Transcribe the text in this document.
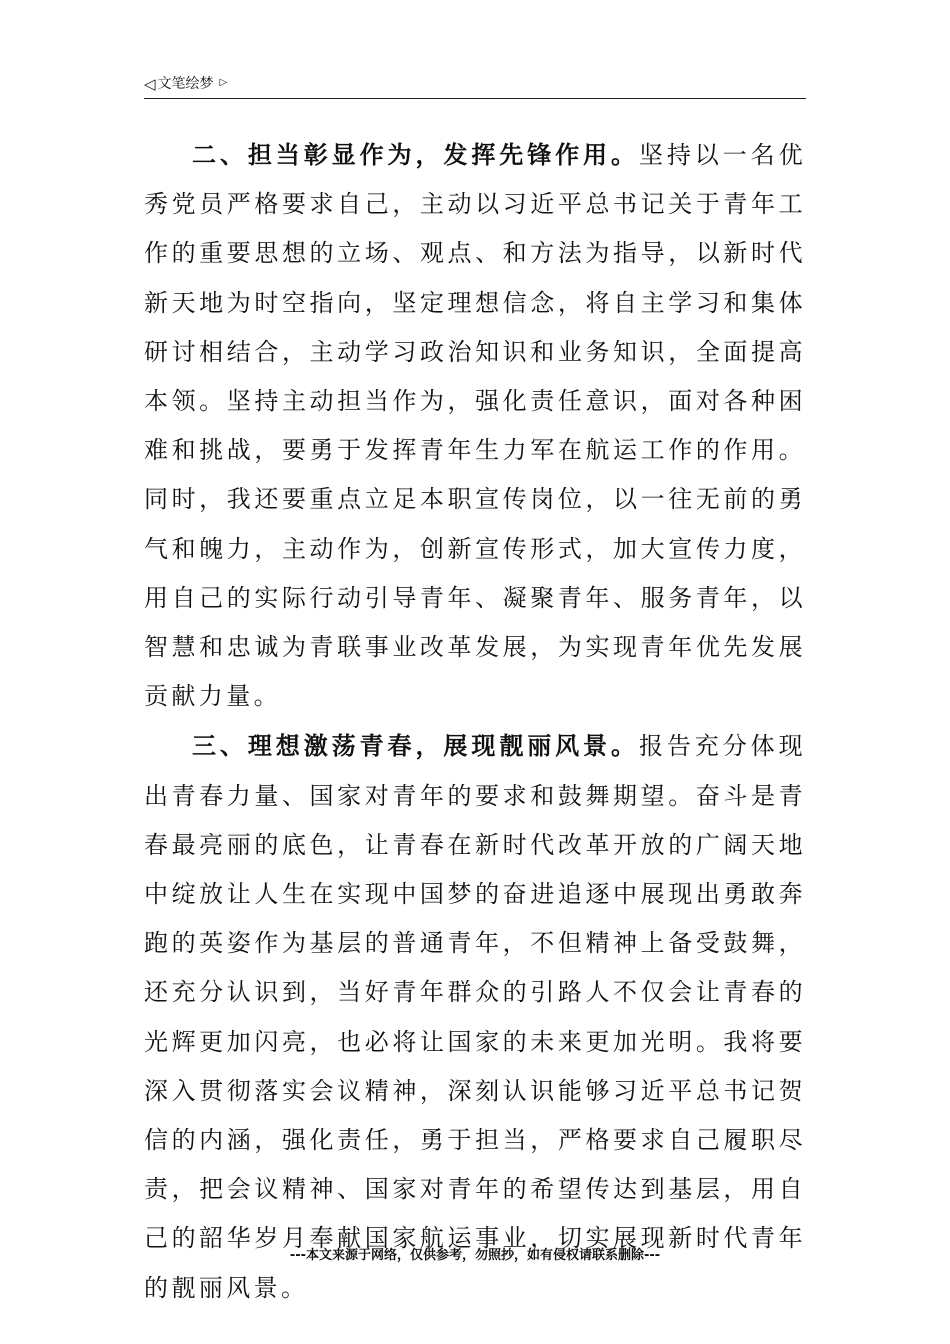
◁ 文笔绘梦 ▷

二、担当彰显作为，发挥先锋作用。坚持以一名优秀党员严格要求自己，主动以习近平总书记关于青年工作的重要思想的立场、观点、和方法为指导，以新时代新天地为时空指向，坚定理想信念，将自主学习和集体研讨相结合，主动学习政治知识和业务知识，全面提高本领。坚持主动担当作为，强化责任意识，面对各种困难和挑战，要勇于发挥青年生力军在航运工作的作用。同时，我还要重点立足本职宣传岗位，以一往无前的勇气和魄力，主动作为，创新宣传形式，加大宣传力度，用自己的实际行动引导青年、凝聚青年、服务青年，以智慧和忠诚为青联事业改革发展，为实现青年优先发展贡献力量。

三、理想激荡青春，展现靓丽风景。报告充分体现出青春力量、国家对青年的要求和鼓舞期望。奋斗是青春最亮丽的底色，让青春在新时代改革开放的广阔天地中绽放让人生在实现中国梦的奋进追逐中展现出勇敢奔跑的英姿作为基层的普通青年，不但精神上备受鼓舞，还充分认识到，当好青年群众的引路人不仅会让青春的光辉更加闪亮，也必将让国家的未来更加光明。我将要深入贯彻落实会议精神，深刻认识能够习近平总书记贺信的内涵，强化责任，勇于担当，严格要求自己履职尽责，把会议精神、国家对青年的希望传达到基层，用自己的韶华岁月奉献国家航运事业，切实展现新时代青年的靓丽风景。

---本文来源于网络，仅供参考，勿照抄，如有侵权请联系删除---
